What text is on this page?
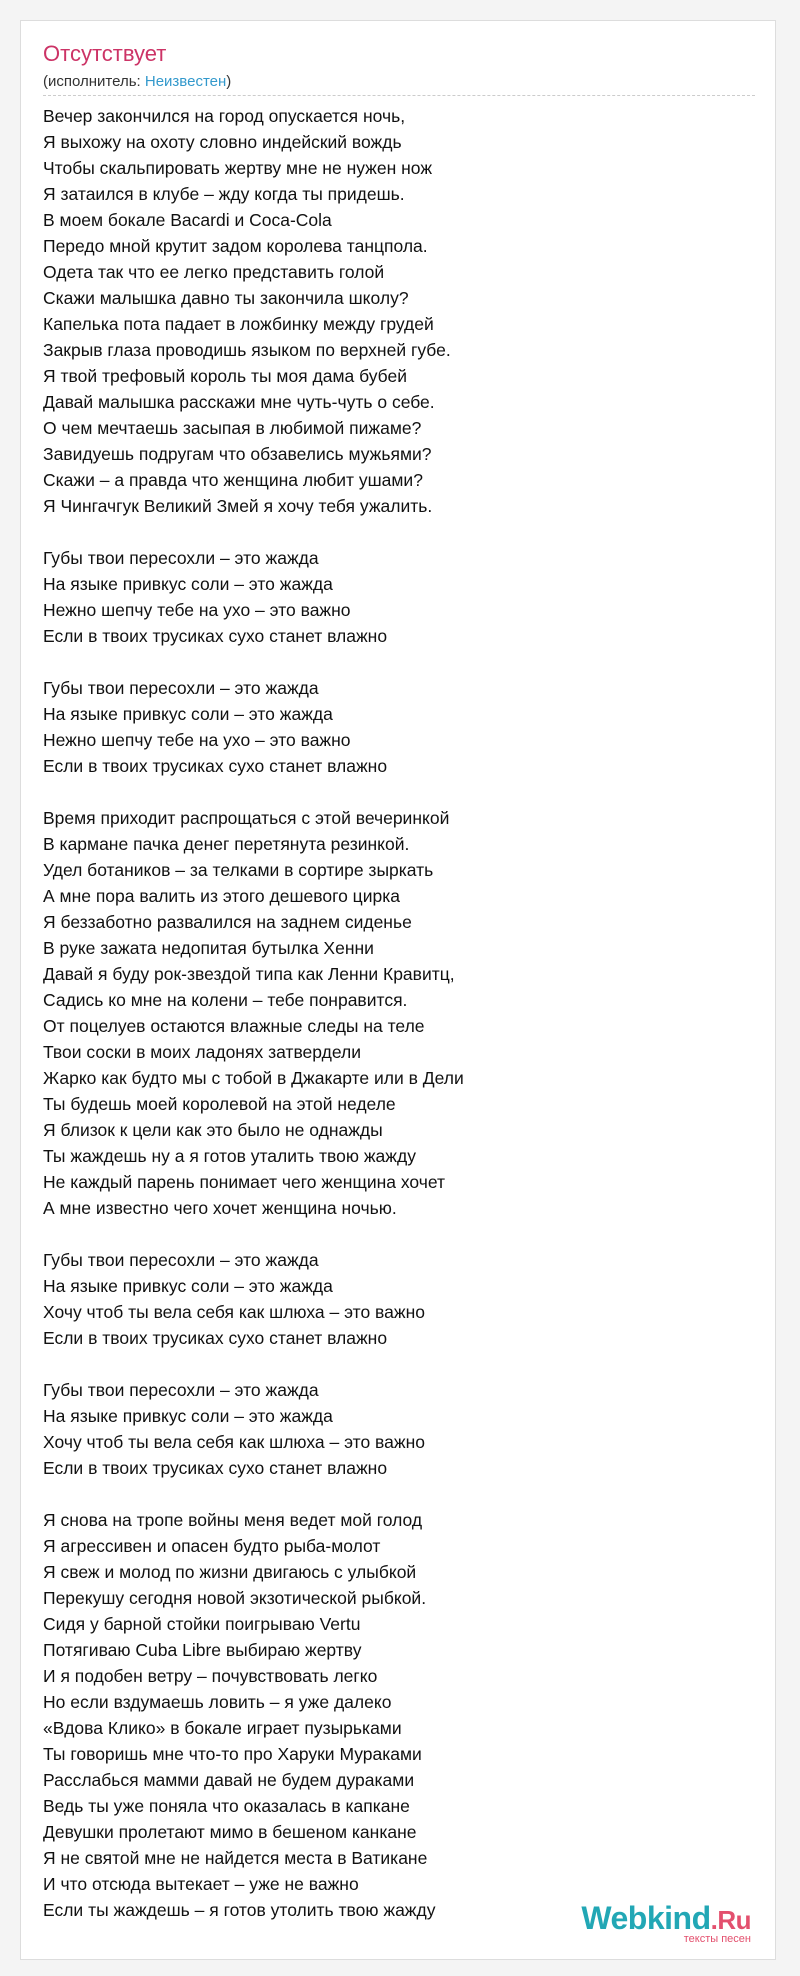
Отсутствует
(исполнитель: Неизвестен)
Вечер закончился на город опускается ночь,
Я выхожу на охоту словно индейский вождь
Чтобы скальпировать жертву мне не нужен нож
Я затаился в клубе – жду когда ты придешь.
В моем бокале Bacardi и Coca-Cola
Передо мной крутит задом королева танцпола.
Одета так что ее легко представить голой
Скажи малышка давно ты закончила школу?
Капелька пота падает в ложбинку между грудей
Закрыв глаза проводишь языком по верхней губе.
Я твой трефовый король ты моя дама бубей
Давай малышка расскажи мне чуть-чуть о себе.
О чем мечтаешь засыпая в любимой пижаме?
Завидуешь подругам что обзавелись мужьями?
Скажи – а правда что женщина любит ушами?
Я Чингачгук Великий Змей я хочу тебя ужалить.
Губы твои пересохли – это жажда
На языке привкус соли – это жажда
Нежно шепчу тебе на ухо – это важно
Если в твоих трусиках сухо станет влажно
Губы твои пересохли – это жажда
На языке привкус соли – это жажда
Нежно шепчу тебе на ухо – это важно
Если в твоих трусиках сухо станет влажно
Время приходит распрощаться с этой вечеринкой
В кармане пачка денег перетянута резинкой.
Удел ботаников – за телками в сортире зыркать
А мне пора валить из этого дешевого цирка
Я беззаботно развалился на заднем сиденье
В руке зажата недопитая бутылка Хенни
Давай я буду рок-звездой типа как Ленни Кравитц,
Садись ко мне на колени – тебе понравится.
От поцелуев остаются влажные следы на теле
Твои соски в моих ладонях затвердели
Жарко как будто мы с тобой в Джакарте или в Дели
Ты будешь моей королевой на этой неделе
Я близок к цели как это было не однажды
Ты жаждешь ну а я готов уталить твою жажду
Не каждый парень понимает чего женщина хочет
А мне известно чего хочет женщина ночью.
Губы твои пересохли – это жажда
На языке привкус соли – это жажда
Хочу чтоб ты вела себя как шлюха – это важно
Если в твоих трусиках сухо станет влажно
Губы твои пересохли – это жажда
На языке привкус соли – это жажда
Хочу чтоб ты вела себя как шлюха – это важно
Если в твоих трусиках сухо станет влажно
Я снова на тропе войны меня ведет мой голод
Я агрессивен и опасен будто рыба-молот
Я свеж и молод по жизни двигаюсь с улыбкой
Перекушу сегодня новой экзотической рыбкой.
Сидя у барной стойки поигрываю Vertu
Потягиваю Cuba Libre выбираю жертву
И я подобен ветру – почувствовать легко
Но если вздумаешь ловить – я уже далеко
«Вдова Клико» в бокале играет пузырьками
Ты говоришь мне что-то про Харуки Мураками
Расслабься мамми давай не будем дураками
Ведь ты уже поняла что оказалась в капкане
Девушки пролетают мимо в бешеном канкане
Я не святой мне не найдется места в Ватикане
И что отсюда вытекает – уже не важно
Если ты жаждешь – я готов утолить твою жажду	Webkind.Ru
тексты песен
